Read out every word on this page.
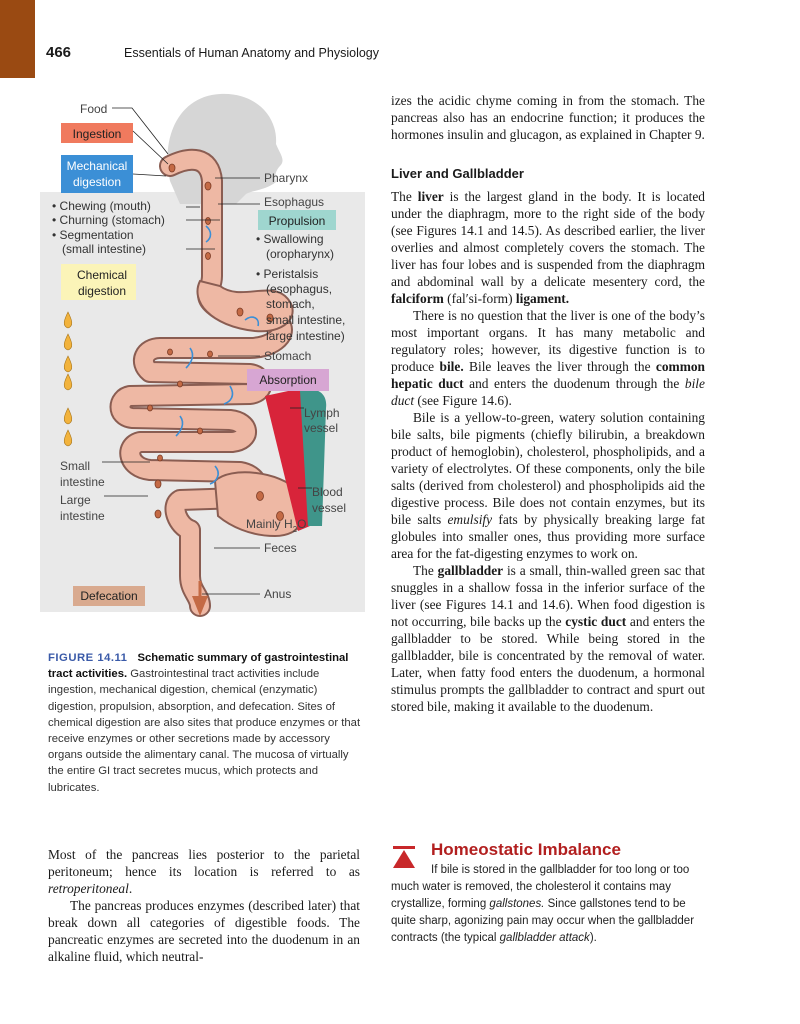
466	Essentials of Human Anatomy and Physiology
Ingestion
Mechanical
digestion
Propulsion
Chemical
digestion
Absorption
Defecation
Food
Pharynx
Esophagus
• Chewing (mouth)
• Churning (stomach)
• Segmentation
(small intestine)
• Swallowing
(oropharynx)
• Peristalsis
(esophagus,
stomach,
small intestine,
large intestine)
Stomach
Lymph
vessel
Small
intestine
Blood
vessel
Large
intestine
Mainly $H_2O$
Feces
Anus
FIGURE 14.11 Schematic summary of gastrointestinal tract activities. Gastrointestinal tract activities include ingestion, mechanical digestion, chemical (enzymatic) digestion, propulsion, absorption, and defecation. Sites of chemical digestion are also sites that produce enzymes or that receive enzymes or other secretions made by accessory organs outside the alimentary canal. The mucosa of virtually the entire GI tract secretes mucus, which protects and lubricates.

Most of the pancreas lies posterior to the parietal peritoneum; hence its location is referred to as retroperitoneal.

The pancreas produces enzymes (described later) that break down all categories of digestible foods. The pancreatic enzymes are secreted into the duodenum in an alkaline fluid, which neutral-

izes the acidic chyme coming in from the stomach. The pancreas also has an endocrine function; it produces the hormones insulin and glucagon, as explained in Chapter 9.

Liver and Gallbladder

The liver is the largest gland in the body. It is located under the diaphragm, more to the right side of the body (see Figures 14.1 and 14.5). As described earlier, the liver overlies and almost completely covers the stomach. The liver has four lobes and is suspended from the diaphragm and abdominal wall by a delicate mesentery cord, the falciform (fal′si-form) ligament.

There is no question that the liver is one of the body’s most important organs. It has many metabolic and regulatory roles; however, its digestive function is to produce bile. Bile leaves the liver through the common hepatic duct and enters the duodenum through the bile duct (see Figure 14.6).

Bile is a yellow-to-green, watery solution containing bile salts, bile pigments (chiefly bilirubin, a breakdown product of hemoglobin), cholesterol, phospholipids, and a variety of electrolytes. Of these components, only the bile salts (derived from cholesterol) and phospholipids aid the digestive process. Bile does not contain enzymes, but its bile salts emulsify fats by physically breaking large fat globules into smaller ones, thus providing more surface area for the fat-digesting enzymes to work on.

The gallbladder is a small, thin-walled green sac that snuggles in a shallow fossa in the inferior surface of the liver (see Figures 14.1 and 14.6). When food digestion is not occurring, bile backs up the cystic duct and enters the gallbladder to be stored. While being stored in the gallbladder, bile is concentrated by the removal of water. Later, when fatty food enters the duodenum, a hormonal stimulus prompts the gallbladder to contract and spurt out stored bile, making it available to the duodenum.

Homeostatic Imbalance
If bile is stored in the gallbladder for too long or too much water is removed, the cholesterol it contains may crystallize, forming gallstones. Since gallstones tend to be quite sharp, agonizing pain may occur when the gallbladder contracts (the typical gallbladder attack).
